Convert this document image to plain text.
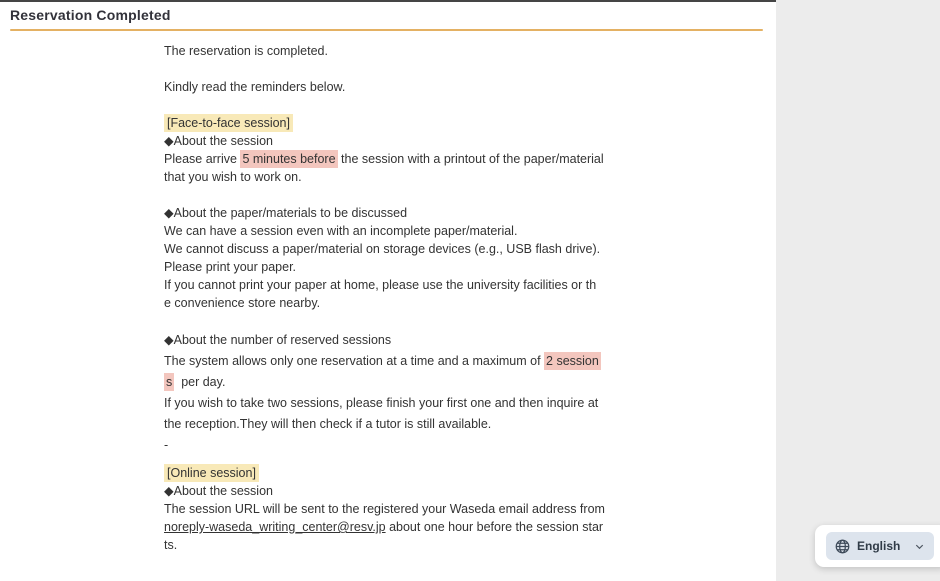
Reservation Completed
The reservation is completed.
Kindly read the reminders below.
[Face-to-face session]
◆About the session
Please arrive 5 minutes before the session with a printout of the paper/material
that you wish to work on.
◆About the paper/materials to be discussed
We can have a session even with an incomplete paper/material.
We cannot discuss a paper/material on storage devices (e.g., USB flash drive).
Please print your paper.
If you cannot print your paper at home, please use the university facilities or th
e convenience store nearby.
◆About the number of reserved sessions
The system allows only one reservation at a time and a maximum of 2 session
s  per day.
If you wish to take two sessions, please finish your first one and then inquire at
the reception.They will then check if a tutor is still available.
-
[Online session]
◆About the session
The session URL will be sent to the registered your Waseda email address from
noreply-waseda_writing_center@resv.jp about one hour before the session star
ts.	English
